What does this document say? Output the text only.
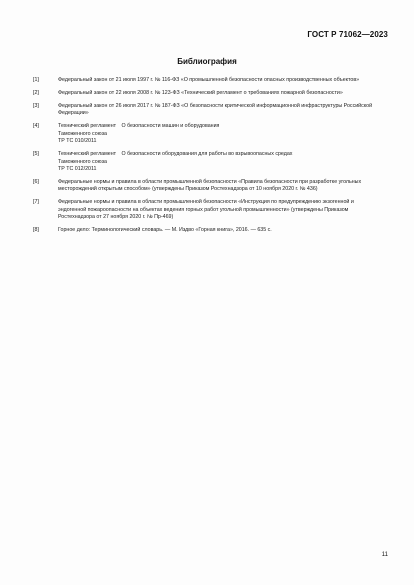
ГОСТ Р 71062—2023
Библиография
[1]	Федеральный закон от 21 июля 1997 г. № 116-ФЗ «О промышленной безопасности опасных производственных объектов»
[2]	Федеральный закон от 22 июля 2008 г. № 123-ФЗ «Технический регламент о требованиях пожарной безопасности»
[3]	Федеральный закон от 26 июля 2017 г. № 187-ФЗ «О безопасности критической информационной инфраструктуры Российской Федерации»
[4]	Технический регламент О безопасности машин и оборудования
Таможенного союза
ТР ТС 010/2011
[5]	Технический регламент О безопасности оборудования для работы во взрывоопасных средах
Таможенного союза
ТР ТС 012/2011
[6]	Федеральные нормы и правила в области промышленной безопасности «Правила безопасности при разработке угольных месторождений открытым способом» (утверждены Приказом Ростехнадзора от 10 ноября 2020 г. № 436)
[7]	Федеральные нормы и правила в области промышленной безопасности «Инструкция по предупреждению экзогенной и эндогенной пожароопасности на объектах ведения горных работ угольной промышленности» (утверждены Приказом Ростехнадзора от 27 ноября 2020 г. № Пр-469)
[8]	Горное дело: Терминологический словарь. — М. Издво «Горная книга», 2016. — 635 с.
11
